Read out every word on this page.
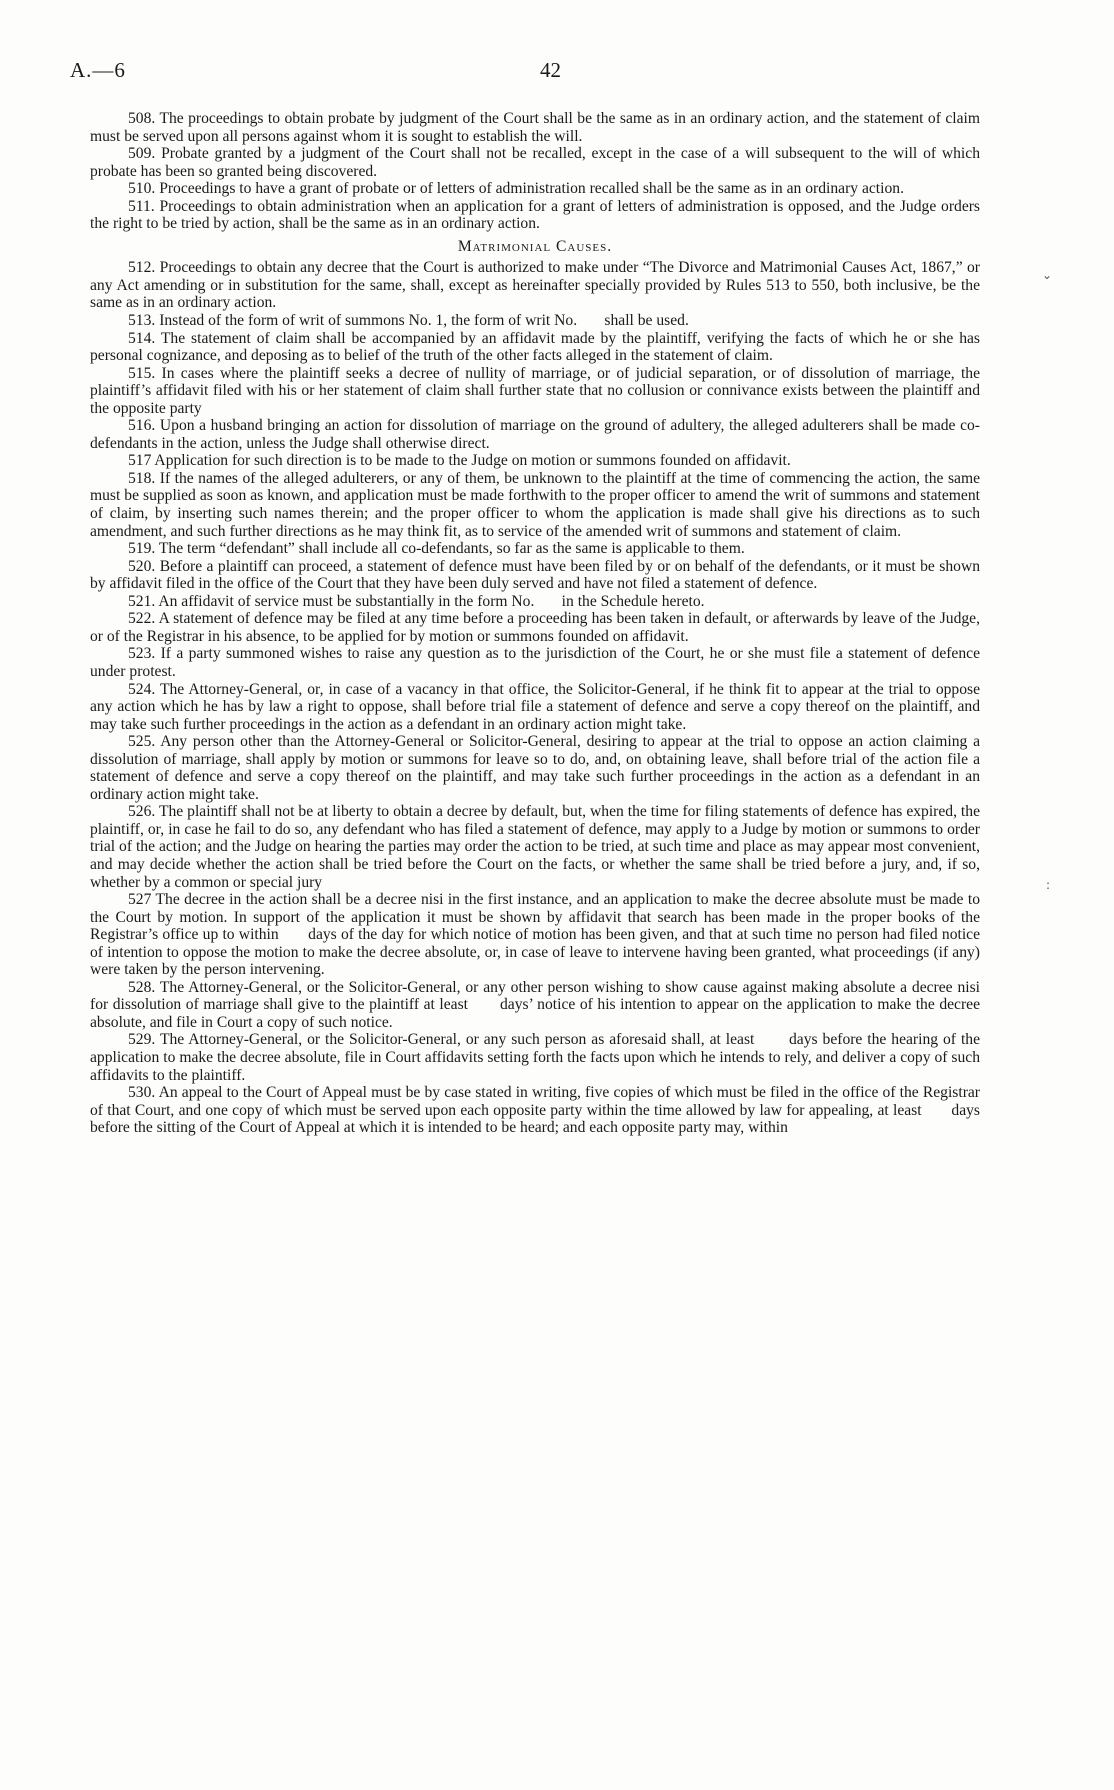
A.—6	42

508. The proceedings to obtain probate by judgment of the Court shall be the same as in an ordinary action, and the statement of claim must be served upon all persons against whom it is sought to establish the will.

509. Probate granted by a judgment of the Court shall not be recalled, except in the case of a will subsequent to the will of which probate has been so granted being discovered.

510. Proceedings to have a grant of probate or of letters of administration recalled shall be the same as in an ordinary action.

511. Proceedings to obtain administration when an application for a grant of letters of administration is opposed, and the Judge orders the right to be tried by action, shall be the same as in an ordinary action.

Matrimonial Causes.

512. Proceedings to obtain any decree that the Court is authorized to make under “The Divorce and Matrimonial Causes Act, 1867,” or any Act amending or in substitution for the same, shall, except as hereinafter specially provided by Rules 513 to 550, both inclusive, be the same as in an ordinary action.

513. Instead of the form of writ of summons No. 1, the form of writ No.       shall be used.

514. The statement of claim shall be accompanied by an affidavit made by the plaintiff, verifying the facts of which he or she has personal cognizance, and deposing as to belief of the truth of the other facts alleged in the statement of claim.

515. In cases where the plaintiff seeks a decree of nullity of marriage, or of judicial separation, or of dissolution of marriage, the plaintiff’s affidavit filed with his or her statement of claim shall further state that no collusion or connivance exists between the plaintiff and the opposite party

516. Upon a husband bringing an action for dissolution of marriage on the ground of adultery, the alleged adulterers shall be made co-defendants in the action, unless the Judge shall otherwise direct.

517 Application for such direction is to be made to the Judge on motion or summons founded on affidavit.

518. If the names of the alleged adulterers, or any of them, be unknown to the plaintiff at the time of commencing the action, the same must be supplied as soon as known, and application must be made forthwith to the proper officer to amend the writ of summons and statement of claim, by inserting such names therein; and the proper officer to whom the application is made shall give his directions as to such amendment, and such further directions as he may think fit, as to service of the amended writ of summons and statement of claim.

519. The term “defendant” shall include all co-defendants, so far as the same is applicable to them.

520. Before a plaintiff can proceed, a statement of defence must have been filed by or on behalf of the defendants, or it must be shown by affidavit filed in the office of the Court that they have been duly served and have not filed a statement of defence.

521. An affidavit of service must be substantially in the form No.       in the Schedule hereto.

522. A statement of defence may be filed at any time before a proceeding has been taken in default, or afterwards by leave of the Judge, or of the Registrar in his absence, to be applied for by motion or summons founded on affidavit.

523. If a party summoned wishes to raise any question as to the jurisdiction of the Court, he or she must file a statement of defence under protest.

524. The Attorney-General, or, in case of a vacancy in that office, the Solicitor-General, if he think fit to appear at the trial to oppose any action which he has by law a right to oppose, shall before trial file a statement of defence and serve a copy thereof on the plaintiff, and may take such further proceedings in the action as a defendant in an ordinary action might take.

525. Any person other than the Attorney-General or Solicitor-General, desiring to appear at the trial to oppose an action claiming a dissolution of marriage, shall apply by motion or summons for leave so to do, and, on obtaining leave, shall before trial of the action file a statement of defence and serve a copy thereof on the plaintiff, and may take such further proceedings in the action as a defendant in an ordinary action might take.

526. The plaintiff shall not be at liberty to obtain a decree by default, but, when the time for filing statements of defence has expired, the plaintiff, or, in case he fail to do so, any defendant who has filed a statement of defence, may apply to a Judge by motion or summons to order trial of the action; and the Judge on hearing the parties may order the action to be tried, at such time and place as may appear most convenient, and may decide whether the action shall be tried before the Court on the facts, or whether the same shall be tried before a jury, and, if so, whether by a common or special jury

527 The decree in the action shall be a decree nisi in the first instance, and an application to make the decree absolute must be made to the Court by motion. In support of the application it must be shown by affidavit that search has been made in the proper books of the Registrar’s office up to within       days of the day for which notice of motion has been given, and that at such time no person had filed notice of intention to oppose the motion to make the decree absolute, or, in case of leave to intervene having been granted, what proceedings (if any) were taken by the person intervening.

528. The Attorney-General, or the Solicitor-General, or any other person wishing to show cause against making absolute a decree nisi for dissolution of marriage shall give to the plaintiff at least       days’ notice of his intention to appear on the application to make the decree absolute, and file in Court a copy of such notice.

529. The Attorney-General, or the Solicitor-General, or any such person as aforesaid shall, at least       days before the hearing of the application to make the decree absolute, file in Court affidavits setting forth the facts upon which he intends to rely, and deliver a copy of such affidavits to the plaintiff.

530. An appeal to the Court of Appeal must be by case stated in writing, five copies of which must be filed in the office of the Registrar of that Court, and one copy of which must be served upon each opposite party within the time allowed by law for appealing, at least       days before the sitting of the Court of Appeal at which it is intended to be heard; and each opposite party may, within

⌄
:
